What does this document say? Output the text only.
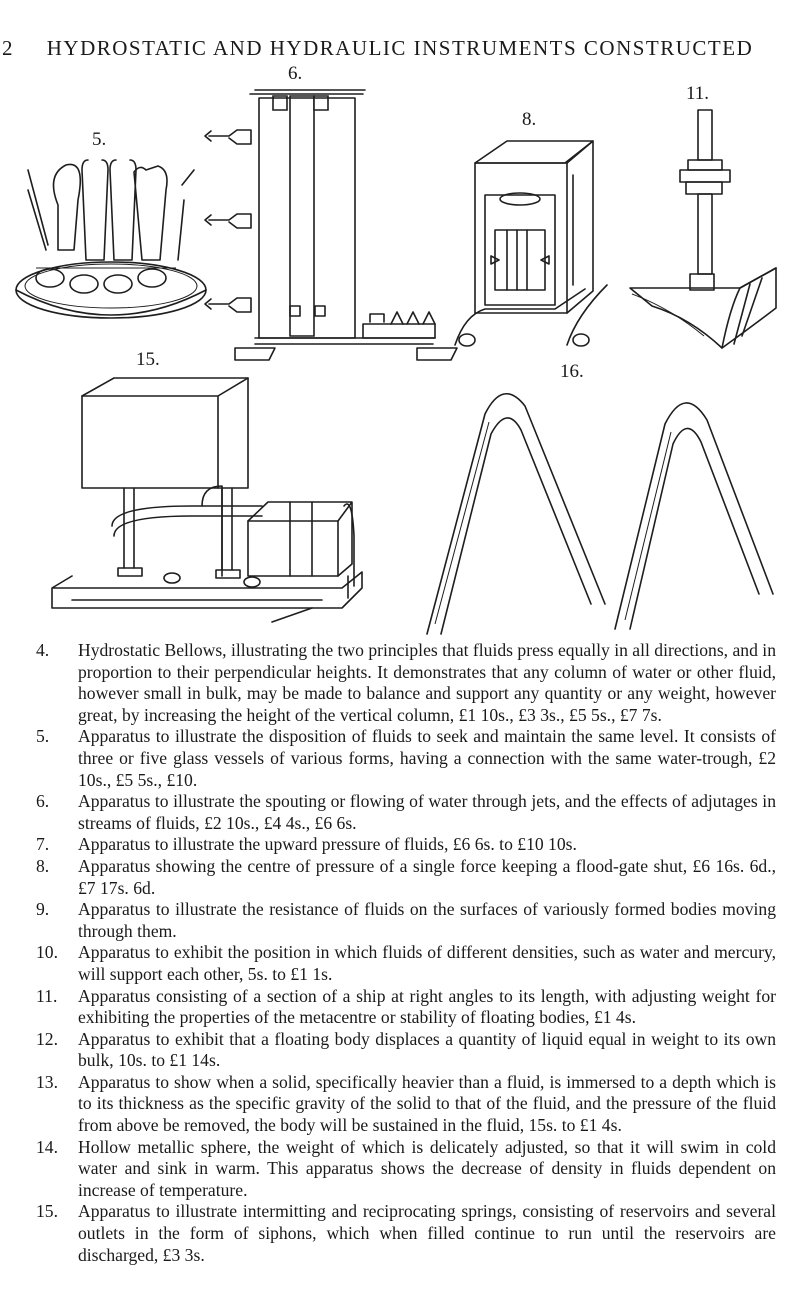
2	HYDROSTATIC AND HYDRAULIC INSTRUMENTS CONSTRUCTED
5.
6.
8.
11.
15.
16.
4.	Hydrostatic Bellows, illustrating the two principles that fluids press equally in all directions, and in proportion to their perpendicular heights. It demonstrates that any column of water or other fluid, however small in bulk, may be made to balance and support any quantity or any weight, however great, by increasing the height of the vertical column, £1 10s., £3 3s., £5 5s., £7 7s.
5.	Apparatus to illustrate the disposition of fluids to seek and maintain the same level. It consists of three or five glass vessels of various forms, having a connection with the same water-trough, £2 10s., £5 5s., £10.
6.	Apparatus to illustrate the spouting or flowing of water through jets, and the effects of adjutages in streams of fluids, £2 10s., £4 4s., £6 6s.
7.	Apparatus to illustrate the upward pressure of fluids, £6 6s. to £10 10s.
8.	Apparatus showing the centre of pressure of a single force keeping a flood-gate shut, £6 16s. 6d., £7 17s. 6d.
9.	Apparatus to illustrate the resistance of fluids on the surfaces of variously formed bodies moving through them.
10.	Apparatus to exhibit the position in which fluids of different densities, such as water and mercury, will support each other, 5s. to £1 1s.
11.	Apparatus consisting of a section of a ship at right angles to its length, with adjusting weight for exhibiting the properties of the metacentre or stability of floating bodies, £1 4s.
12.	Apparatus to exhibit that a floating body displaces a quantity of liquid equal in weight to its own bulk, 10s. to £1 14s.
13.	Apparatus to show when a solid, specifically heavier than a fluid, is immersed to a depth which is to its thickness as the specific gravity of the solid to that of the fluid, and the pressure of the fluid from above be removed, the body will be sustained in the fluid, 15s. to £1 4s.
14.	Hollow metallic sphere, the weight of which is delicately adjusted, so that it will swim in cold water and sink in warm. This apparatus shows the decrease of density in fluids dependent on increase of temperature.
15.	Apparatus to illustrate intermitting and reciprocating springs, consisting of reservoirs and several outlets in the form of siphons, which when filled continue to run until the reservoirs are discharged, £3 3s.
